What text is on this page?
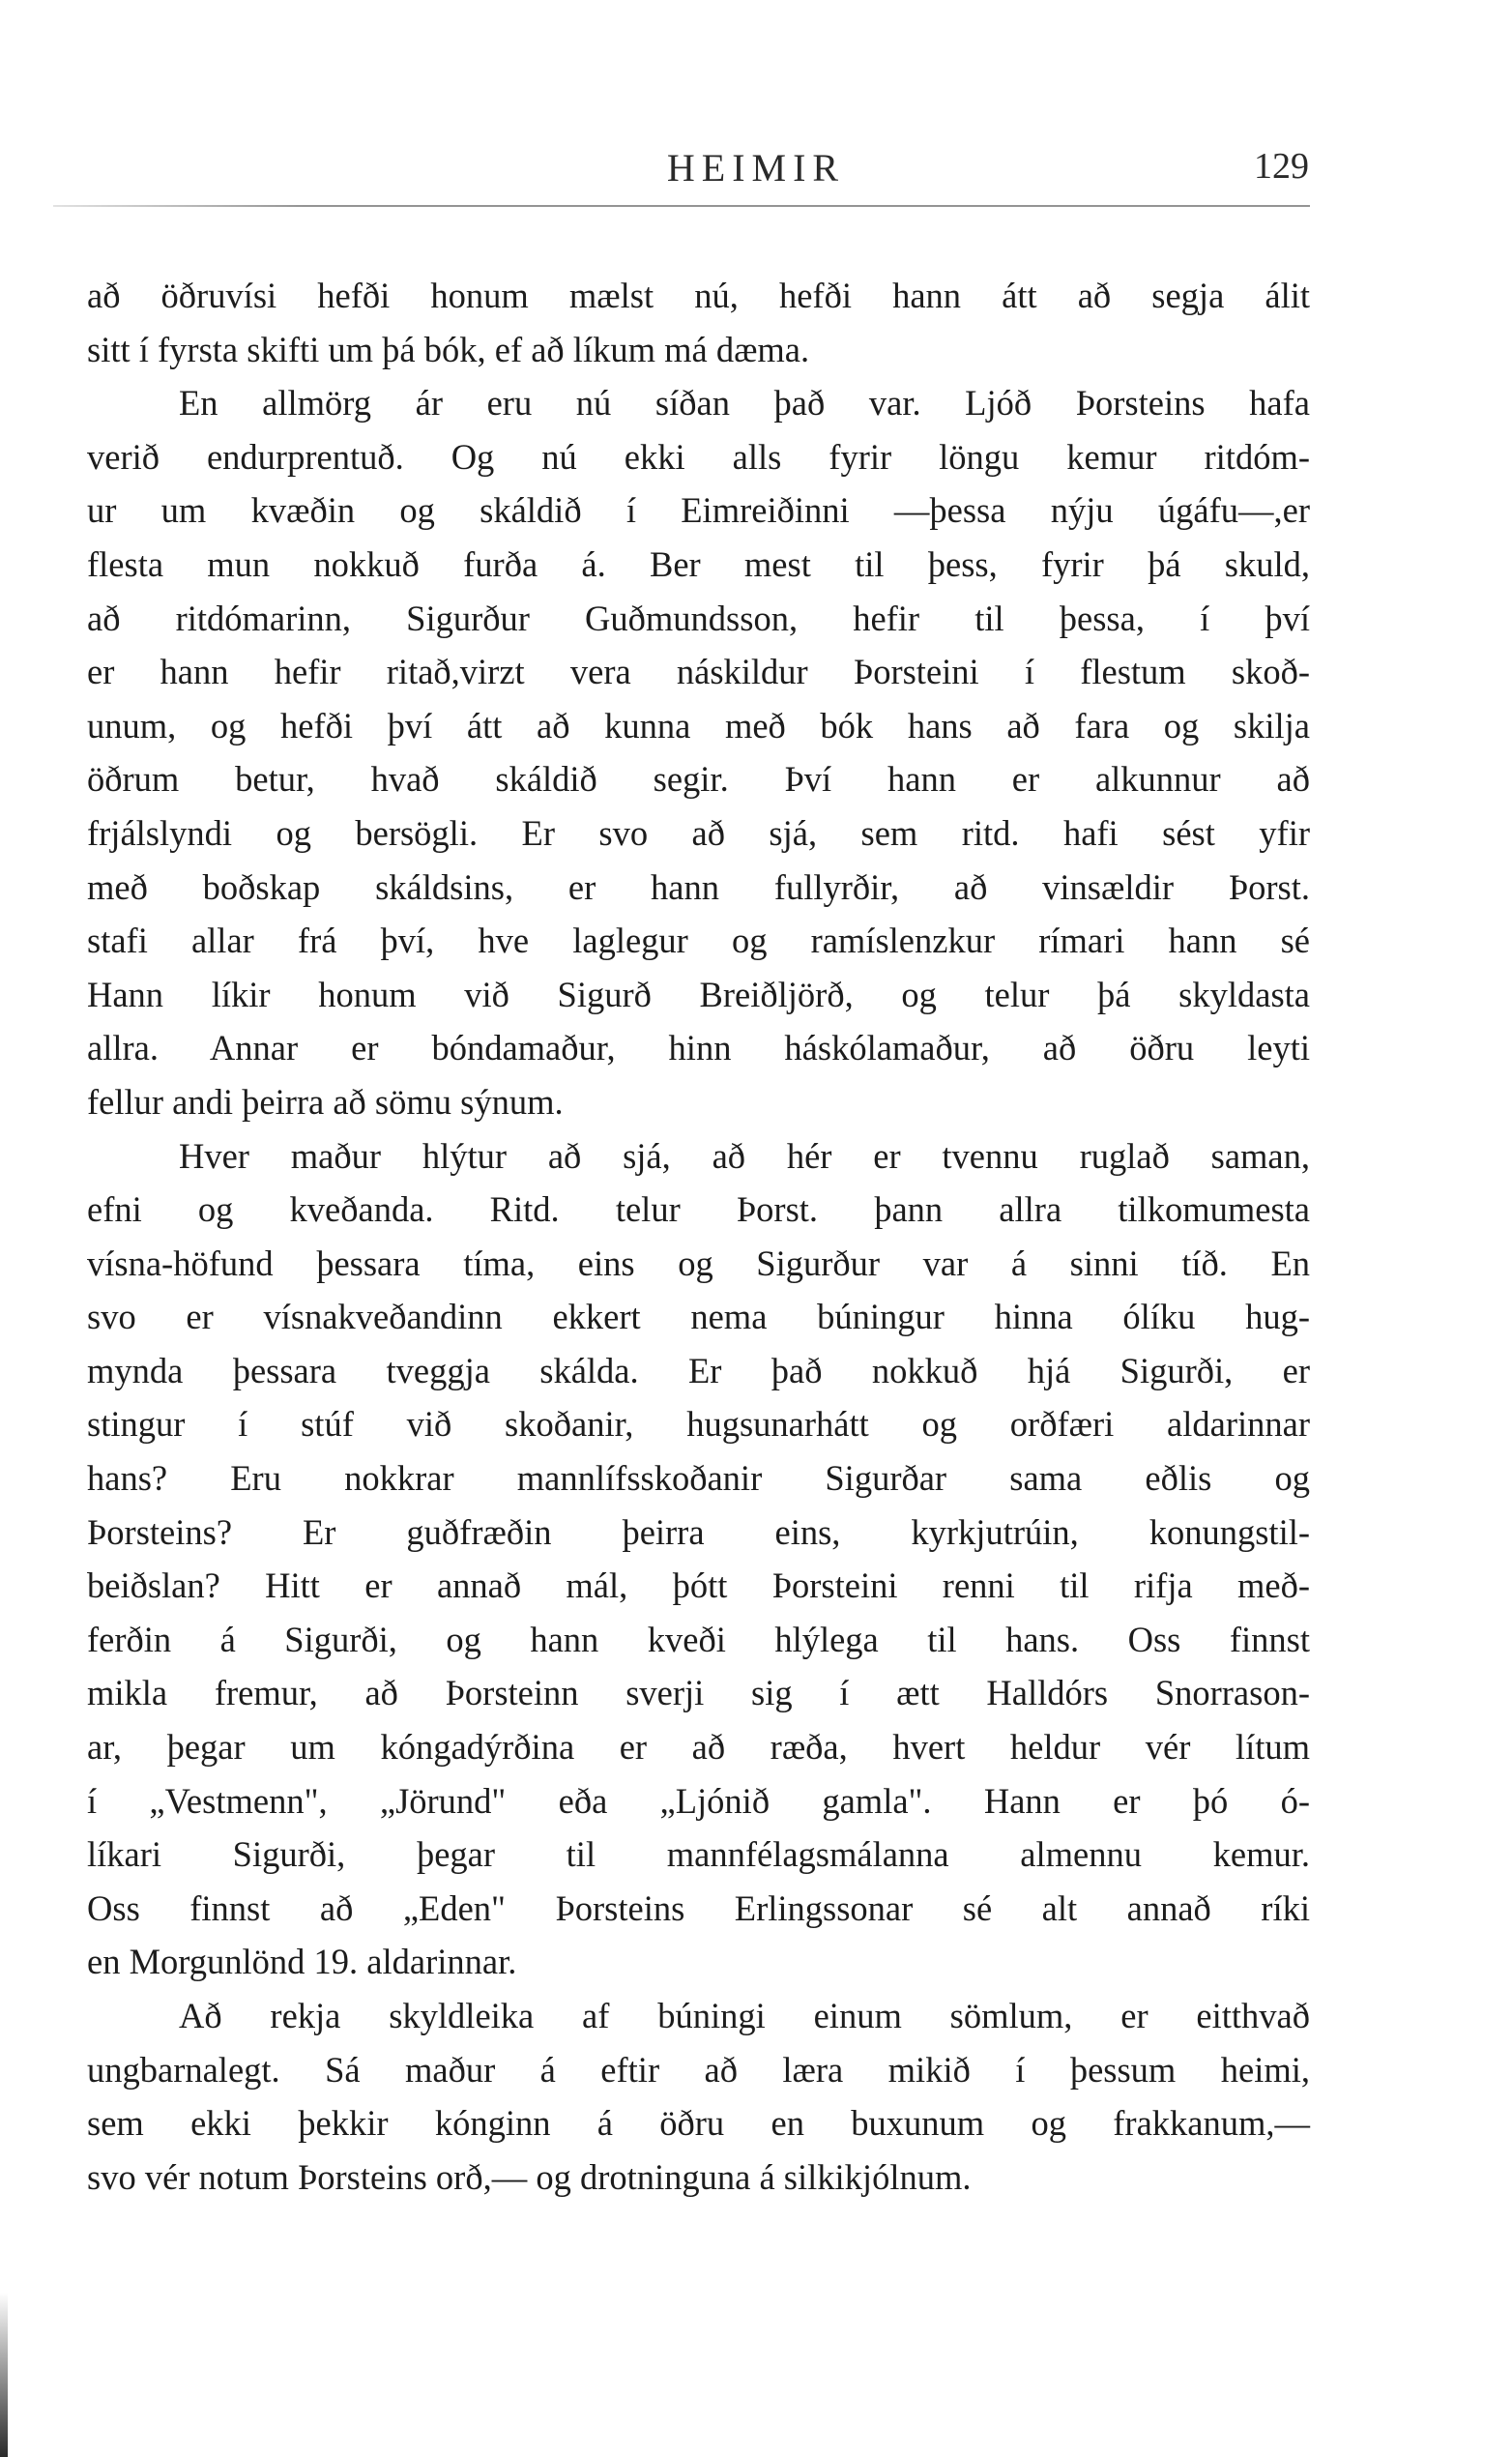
HEIMIR	129
að öðruvísi hefði honum mælst nú, hefði hann átt að segja álit
sitt í fyrsta skifti um þá bók, ef að líkum má dæma.
En allmörg ár eru nú síðan það var. Ljóð Þorsteins hafa
verið endurprentuð. Og nú ekki alls fyrir löngu kemur ritdóm-
ur um kvæðin og skáldið í Eimreiðinni —þessa nýju úgáfu—,er
flesta mun nokkuð furða á. Ber mest til þess, fyrir þá skuld,
að ritdómarinn, Sigurður Guðmundsson, hefir til þessa, í því
er hann hefir ritað,virzt vera náskildur Þorsteini í flestum skoð-
unum, og hefði því átt að kunna með bók hans að fara og skilja
öðrum betur, hvað skáldið segir. Því hann er alkunnur að
frjálslyndi og bersögli. Er svo að sjá, sem ritd. hafi sést yfir
með boðskap skáldsins, er hann fullyrðir, að vinsældir Þorst.
stafi allar frá því, hve laglegur og ramíslenzkur rímari hann sé
Hann líkir honum við Sigurð Breiðljörð, og telur þá skyldasta
allra. Annar er bóndamaður, hinn háskólamaður, að öðru leyti
fellur andi þeirra að sömu sýnum.
Hver maður hlýtur að sjá, að hér er tvennu ruglað saman,
efni og kveðanda. Ritd. telur Þorst. þann allra tilkomumesta
vísna-höfund þessara tíma, eins og Sigurður var á sinni tíð. En
svo er vísnakveðandinn ekkert nema búningur hinna ólíku hug-
mynda þessara tveggja skálda. Er það nokkuð hjá Sigurði, er
stingur í stúf við skoðanir, hugsunarhátt og orðfæri aldarinnar
hans? Eru nokkrar mannlífsskoðanir Sigurðar sama eðlis og
Þorsteins? Er guðfræðin þeirra eins, kyrkjutrúin, konungstil-
beiðslan? Hitt er annað mál, þótt Þorsteini renni til rifja með-
ferðin á Sigurði, og hann kveði hlýlega til hans. Oss finnst
mikla fremur, að Þorsteinn sverji sig í ætt Halldórs Snorrason-
ar, þegar um kóngadýrðina er að ræða, hvert heldur vér lítum
í „Vestmenn", „Jörund" eða „Ljónið gamla". Hann er þó ó-
líkari Sigurði, þegar til mannfélagsmálanna almennu kemur.
Oss finnst að „Eden" Þorsteins Erlingssonar sé alt annað ríki
en Morgunlönd 19. aldarinnar.
Að rekja skyldleika af búningi einum sömlum, er eitthvað
ungbarnalegt. Sá maður á eftir að læra mikið í þessum heimi,
sem ekki þekkir kónginn á öðru en buxunum og frakkanum,—
svo vér notum Þorsteins orð,— og drotninguna á silkikjólnum.
